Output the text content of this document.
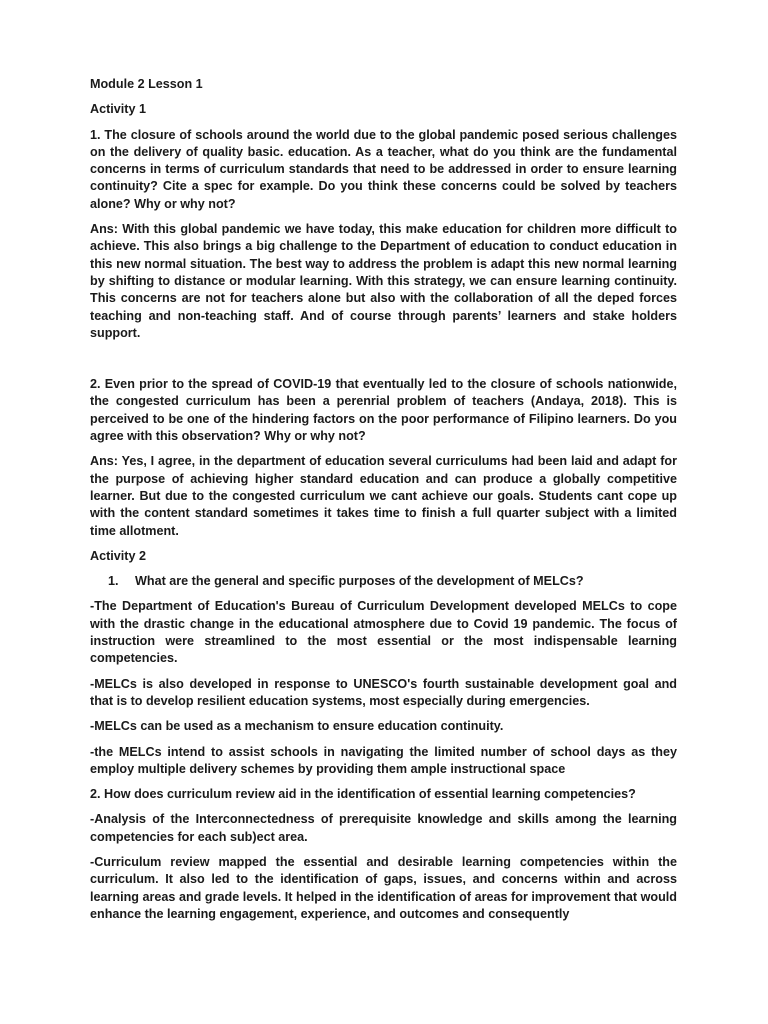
Module 2 Lesson 1

Activity 1

1. The closure of schools around the world due to the global pandemic posed serious challenges on the delivery of quality basic. education. As a teacher, what do you think are the fundamental concerns in terms of curriculum standards that need to be addressed in order to ensure learning continuity? Cite a spec for example. Do you think these concerns could be solved by teachers alone? Why or why not?

Ans: With this global pandemic we have today, this make education for children more difficult to achieve. This also brings a big challenge to the Department of education to conduct education in this new normal situation. The best way to address the problem is adapt this new normal learning by shifting to distance or modular learning. With this strategy, we can ensure learning continuity. This concerns are not for teachers alone but also with the collaboration of all the deped forces teaching and non-teaching staff. And of course through parents’ learners and stake holders support.

2. Even prior to the spread of COVID-19 that eventually led to the closure of schools nationwide, the congested curriculum has been a perenrial problem of teachers (Andaya, 2018). This is perceived to be one of the hindering factors on the poor performance of Filipino learners. Do you agree with this observation? Why or why not?

Ans: Yes, I agree, in the department of education several curriculums had been laid and adapt for the purpose of achieving higher standard education and can produce a globally competitive learner. But due to the congested curriculum we cant achieve our goals. Students cant cope up with the content standard sometimes it takes time to finish a full quarter subject with a limited time allotment.

Activity 2

1. What are the general and specific purposes of the development of MELCs?

-The Department of Education's Bureau of Curriculum Development developed MELCs to cope with the drastic change in the educational atmosphere due to Covid 19 pandemic. The focus of instruction were streamlined to the most essential or the most indispensable learning competencies.

-MELCs is also developed in response to UNESCO's fourth sustainable development goal and that is to develop resilient education systems, most especially during emergencies.

-MELCs can be used as a mechanism to ensure education continuity.

-the MELCs intend to assist schools in navigating the limited number of school days as they employ multiple delivery schemes by providing them ample instructional space

2. How does curriculum review aid in the identification of essential learning competencies?

-Analysis of the Interconnectedness of prerequisite knowledge and skills among the learning competencies for each sub)ect area.

-Curriculum review mapped the essential and desirable learning competencies within the curriculum. It also led to the identification of gaps, issues, and concerns within and across learning areas and grade levels. It helped in the identification of areas for improvement that would enhance the learning engagement, experience, and outcomes and consequently
